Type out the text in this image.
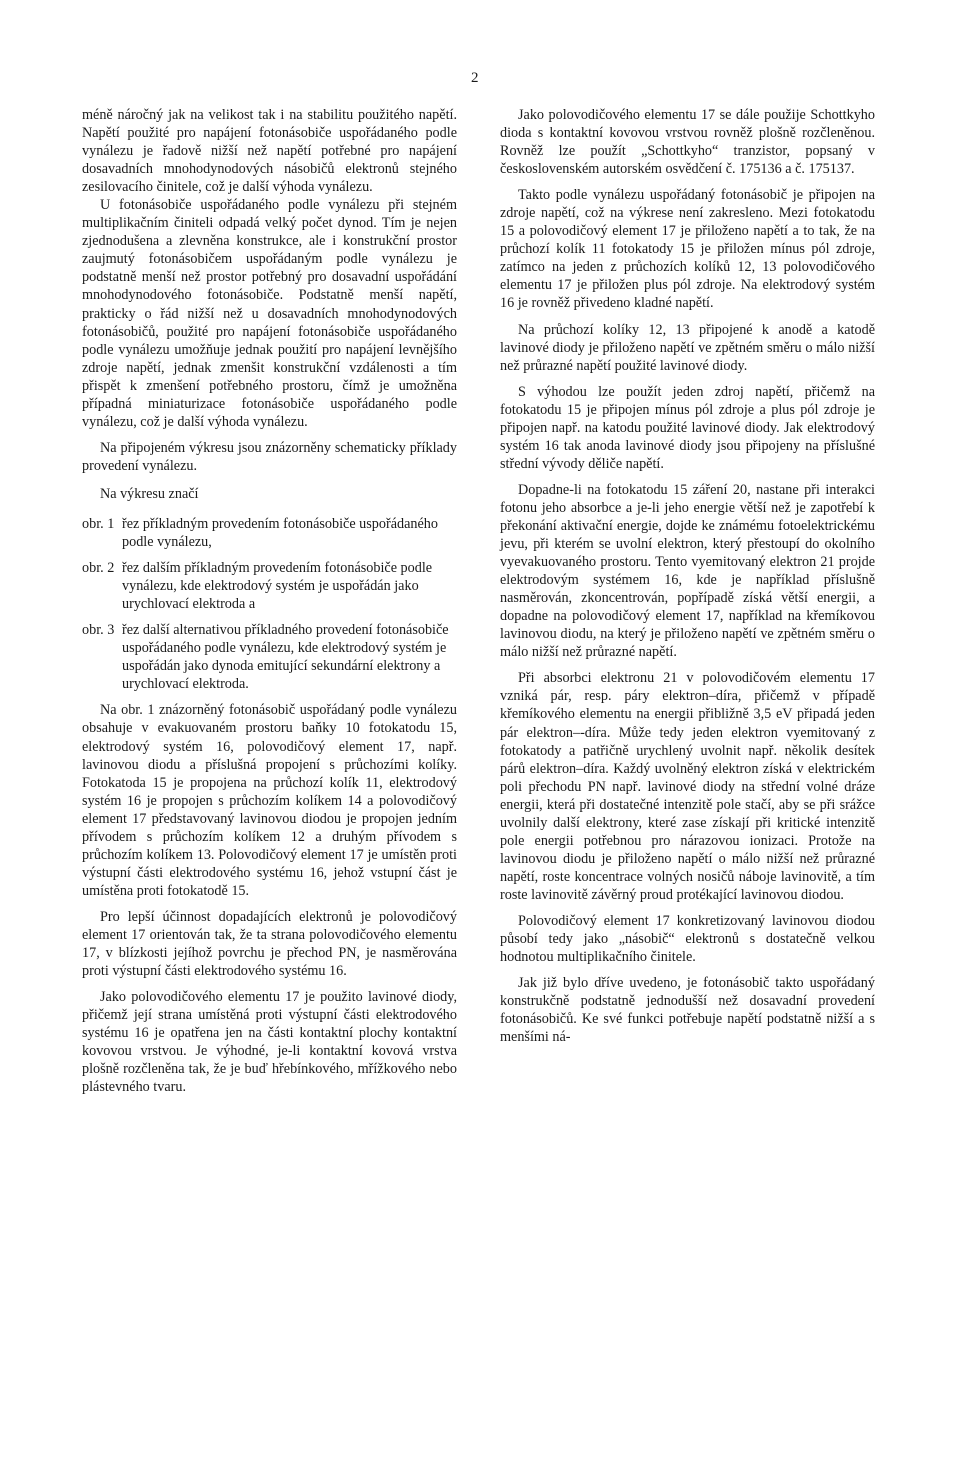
2

méně náročný jak na velikost tak i na stabilitu použitého napětí. Napětí použité pro napájení fotonásobiče uspořádaného podle vynálezu je řadově nižší než napětí potřebné pro napájení dosavadních mnohodynodových násobičů elektronů stejného zesilovacího činitele, což je další výhoda vynálezu.

U fotonásobiče uspořádaného podle vynálezu při stejném multiplikačním činiteli odpadá velký počet dynod. Tím je nejen zjednodušena a zlevněna konstrukce, ale i konstrukční prostor zaujmutý fotonásobičem uspořádaným podle vynálezu je podstatně menší než prostor potřebný pro dosavadní uspořádání mnohodynodového fotonásobiče. Podstatně menší napětí, prakticky o řád nižší než u dosavadních mnohodynodových fotonásobičů, použité pro napájení fotonásobiče uspořádaného podle vynálezu umožňuje jednak použití pro napájení levnějšího zdroje napětí, jednak zmenšit konstrukční vzdálenosti a tím přispět k zmenšení potřebného prostoru, čímž je umožněna případná miniaturizace fotonásobiče uspořádaného podle vynálezu, což je další výhoda vynálezu.

Na připojeném výkresu jsou znázorněny schematicky příklady provedení vynálezu.

Na výkresu značí

obr. 1 řez příkladným provedením fotonásobiče uspořádaného podle vynálezu,
obr. 2 řez dalším příkladným provedením fotonásobiče podle vynálezu, kde elektrodový systém je uspořádán jako urychlovací elektroda a
obr. 3 řez další alternativou příkladného provedení fotonásobiče uspořádaného podle vynálezu, kde elektrodový systém je uspořádán jako dynoda emitující sekundární elektrony a urychlovací elektroda.

Na obr. 1 znázorněný fotonásobič uspořádaný podle vynálezu obsahuje v evakuovaném prostoru baňky 10 fotokatodu 15, elektrodový systém 16, polovodičový element 17, např. lavinovou diodu a příslušná propojení s průchozími kolíky. Fotokatoda 15 je propojena na průchozí kolík 11, elektrodový systém 16 je propojen s průchozím kolíkem 14 a polovodičový element 17 představovaný lavinovou diodou je propojen jedním přívodem s průchozím kolíkem 12 a druhým přívodem s průchozím kolíkem 13. Polovodičový element 17 je umístěn proti výstupní části elektrodového systému 16, jehož vstupní část je umístěna proti fotokatodě 15.

Pro lepší účinnost dopadajících elektronů je polovodičový element 17 orientován tak, že ta strana polovodičového elementu 17, v blízkosti jejíhož povrchu je přechod PN, je nasměrována proti výstupní části elektrodového systému 16.

Jako polovodičového elementu 17 je použito lavinové diody, přičemž její strana umístěná proti výstupní části elektrodového systému 16 je opatřena jen na části kontaktní plochy kontaktní kovovou vrstvou. Je výhodné, je-li kontaktní kovová vrstva plošně rozčleněna tak, že je buď hřebínkového, mřížkového nebo plástevného tvaru.

Jako polovodičového elementu 17 se dále použije Schottkyho dioda s kontaktní kovovou vrstvou rovněž plošně rozčleněnou. Rovněž lze použít „Schottkyho“ tranzistor, popsaný v československém autorském osvědčení č. 175136 a č. 175137.

Takto podle vynálezu uspořádaný fotonásobič je připojen na zdroje napětí, což na výkrese není zakresleno. Mezi fotokatodu 15 a polovodičový element 17 je přiloženo napětí a to tak, že na průchozí kolík 11 fotokatody 15 je přiložen mínus pól zdroje, zatímco na jeden z průchozích kolíků 12, 13 polovodičového elementu 17 je přiložen plus pól zdroje. Na elektrodový systém 16 je rovněž přivedeno kladné napětí.

Na průchozí kolíky 12, 13 připojené k anodě a katodě lavinové diody je přiloženo napětí ve zpětném směru o málo nižší než průrazné napětí použité lavinové diody.

S výhodou lze použít jeden zdroj napětí, přičemž na fotokatodu 15 je připojen mínus pól zdroje a plus pól zdroje je připojen např. na katodu použité lavinové diody. Jak elektrodový systém 16 tak anoda lavinové diody jsou připojeny na příslušné střední vývody děliče napětí.

Dopadne-li na fotokatodu 15 záření 20, nastane při interakci fotonu jeho absorbce a je-li jeho energie větší než je zapotřebí k překonání aktivační energie, dojde ke známému fotoelektrickému jevu, při kterém se uvolní elektron, který přestoupí do okolního vyevakuovaného prostoru. Tento vyemitovaný elektron 21 projde elektrodovým systémem 16, kde je například příslušně nasměrován, zkoncentrován, popřípadě získá větší energii, a dopadne na polovodičový element 17, například na křemíkovou lavinovou diodu, na který je přiloženo napětí ve zpětném směru o málo nižší než průrazné napětí.

Při absorbci elektronu 21 v polovodičovém elementu 17 vzniká pár, resp. páry elektron–díra, přičemž v případě křemíkového elementu na energii přibližně 3,5 eV připadá jeden pár elektron–-díra. Může tedy jeden elektron vyemitovaný z fotokatody a patřičně urychlený uvolnit např. několik desítek párů elektron–díra. Každý uvolněný elektron získá v elektrickém poli přechodu PN např. lavinové diody na střední volné dráze energii, která při dostatečné intenzitě pole stačí, aby se při srážce uvolnily další elektrony, které zase získají při kritické intenzitě pole energii potřebnou pro nárazovou ionizaci. Protože na lavinovou diodu je přiloženo napětí o málo nižší než průrazné napětí, roste koncentrace volných nosičů náboje lavinovitě, a tím roste lavinovitě závěrný proud protékající lavinovou diodou.

Polovodičový element 17 konkretizovaný lavinovou diodou působí tedy jako „násobič“ elektronů s dostatečně velkou hodnotou multiplikačního činitele.

Jak již bylo dříve uvedeno, je fotonásobič takto uspořádaný konstrukčně podstatně jednodušší než dosavadní provedení fotonásobičů. Ke své funkci potřebuje napětí podstatně nižší a s menšími ná-
